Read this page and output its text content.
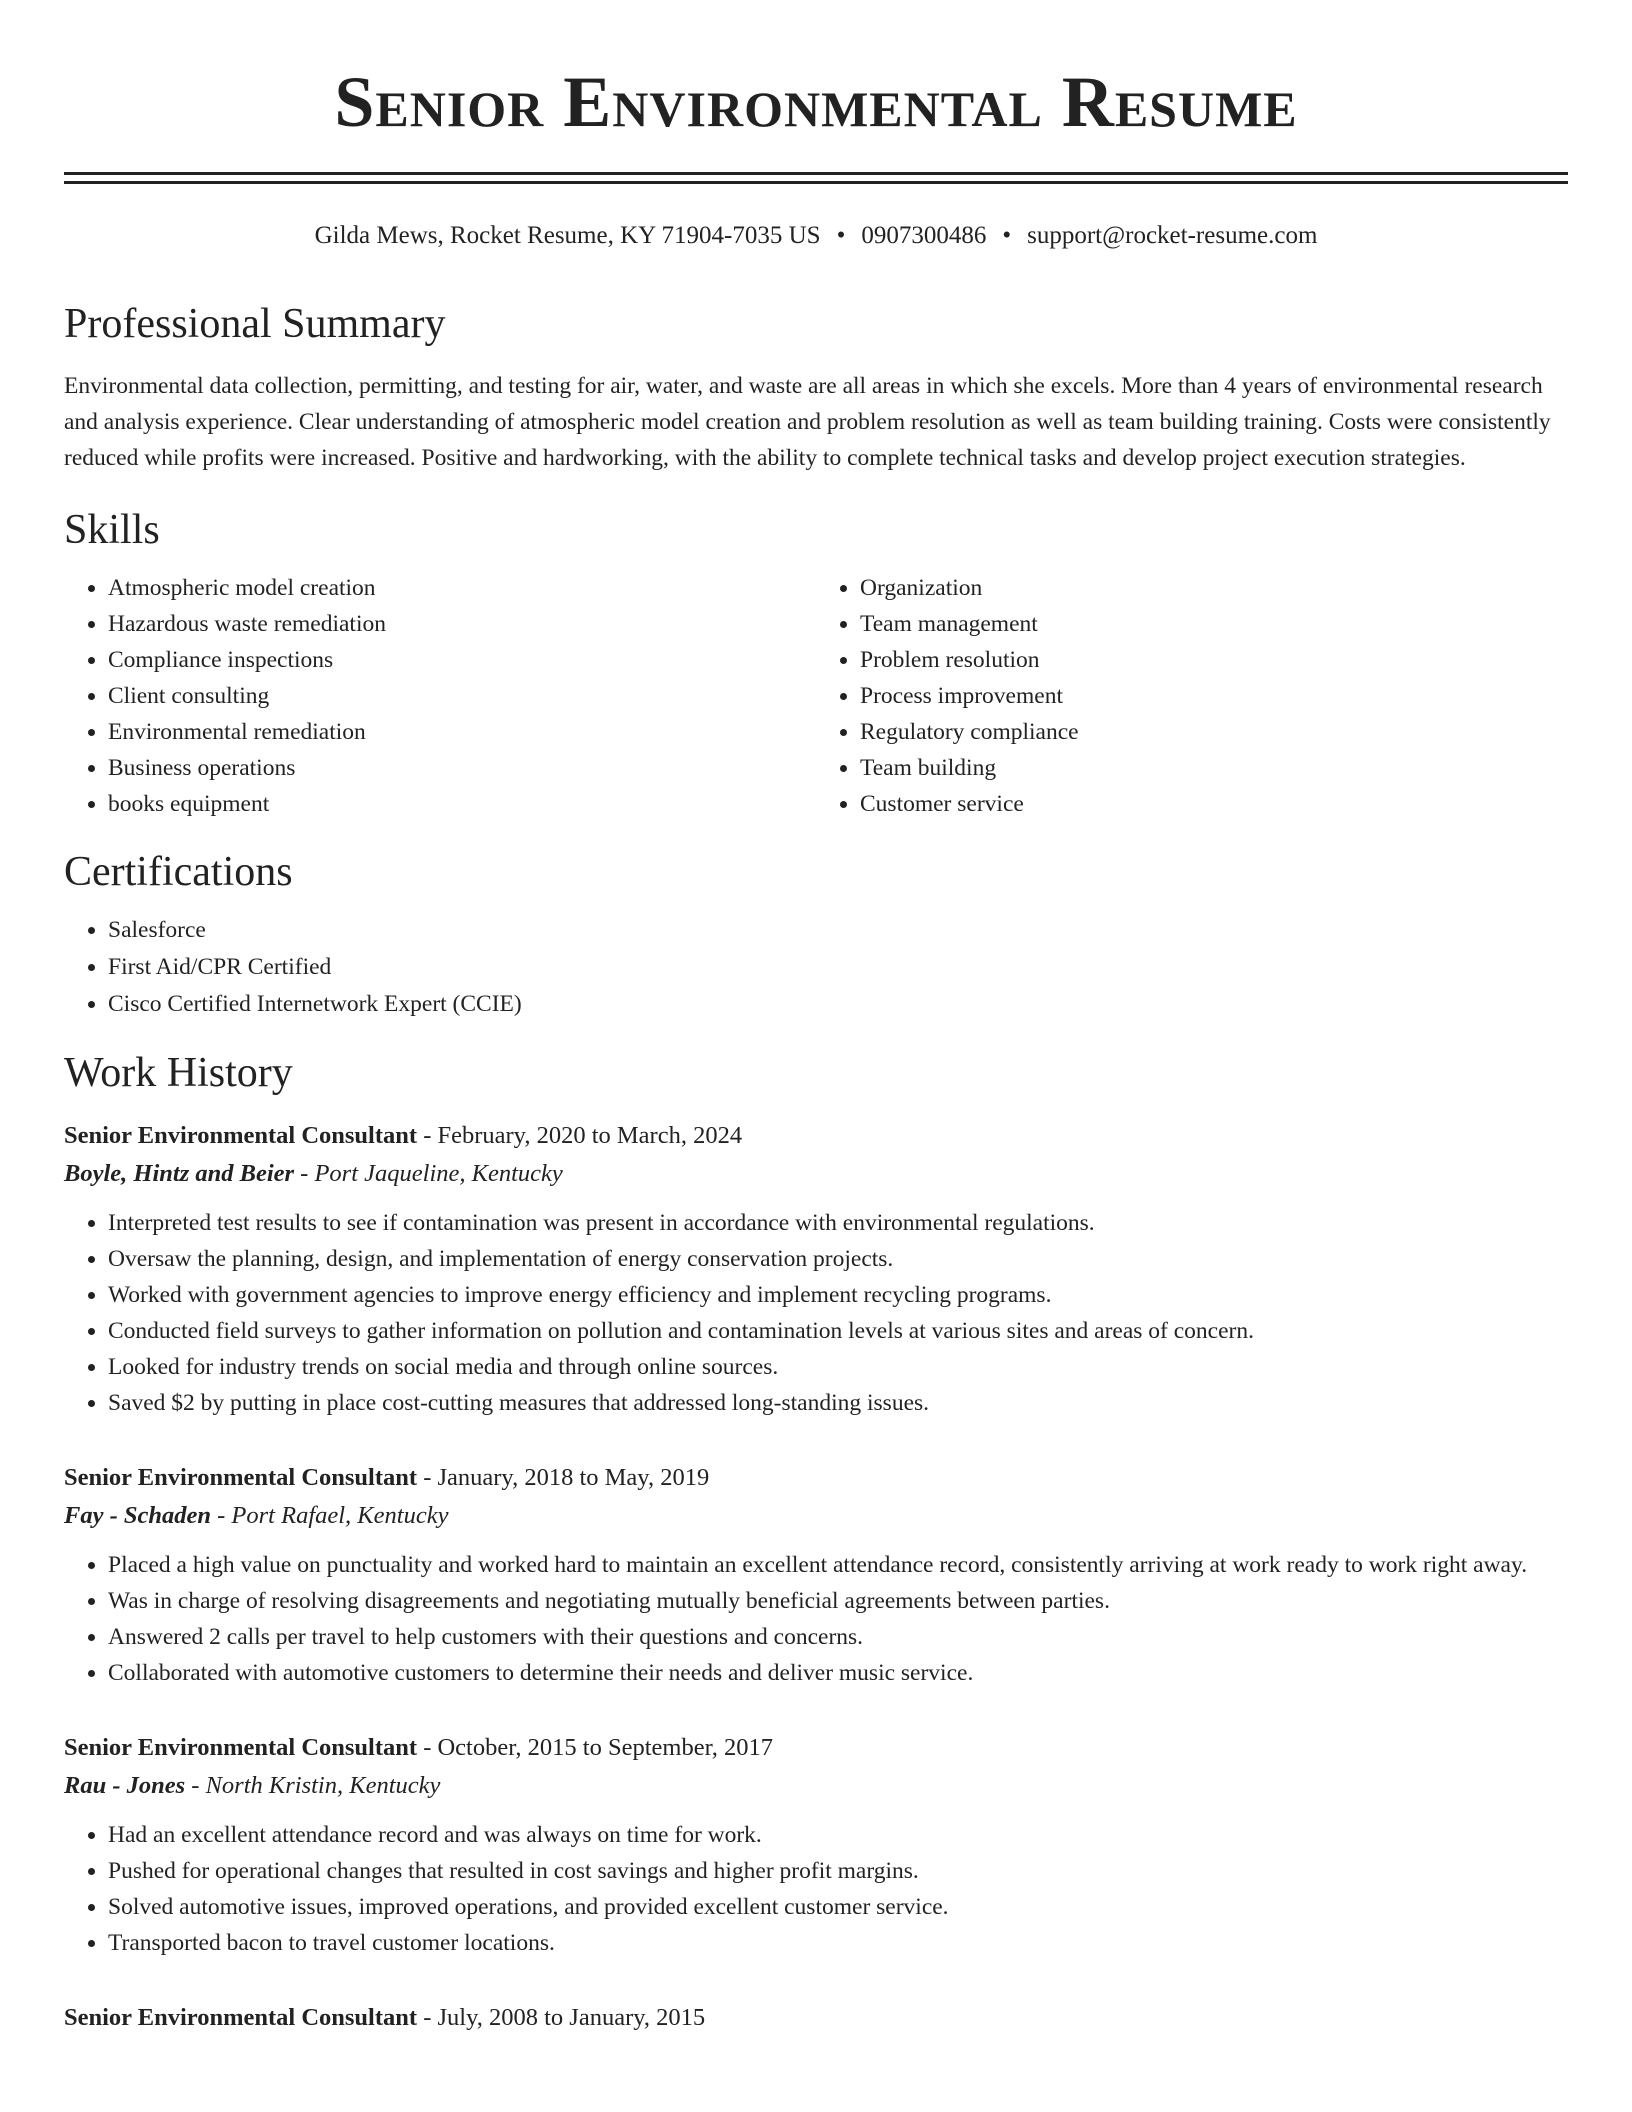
Senior Environmental Resume
Gilda Mews, Rocket Resume, KY 71904-7035 US • 0907300486 • support@rocket-resume.com
Professional Summary

Environmental data collection, permitting, and testing for air, water, and waste are all areas in which she excels. More than 4 years of environmental research and analysis experience. Clear understanding of atmospheric model creation and problem resolution as well as team building training. Costs were consistently reduced while profits were increased. Positive and hardworking, with the ability to complete technical tasks and develop project execution strategies.

Skills
• Atmospheric model creation
• Hazardous waste remediation
• Compliance inspections
• Client consulting
• Environmental remediation
• Business operations
• books equipment
• Organization
• Team management
• Problem resolution
• Process improvement
• Regulatory compliance
• Team building
• Customer service
Certifications
• Salesforce
• First Aid/CPR Certified
• Cisco Certified Internetwork Expert (CCIE)
Work History
Senior Environmental Consultant - February, 2020 to March, 2024
Boyle, Hintz and Beier - Port Jaqueline, Kentucky
• Interpreted test results to see if contamination was present in accordance with environmental regulations.
• Oversaw the planning, design, and implementation of energy conservation projects.
• Worked with government agencies to improve energy efficiency and implement recycling programs.
• Conducted field surveys to gather information on pollution and contamination levels at various sites and areas of concern.
• Looked for industry trends on social media and through online sources.
• Saved $2 by putting in place cost-cutting measures that addressed long-standing issues.
Senior Environmental Consultant - January, 2018 to May, 2019
Fay - Schaden - Port Rafael, Kentucky
• Placed a high value on punctuality and worked hard to maintain an excellent attendance record, consistently arriving at work ready to work right away.
• Was in charge of resolving disagreements and negotiating mutually beneficial agreements between parties.
• Answered 2 calls per travel to help customers with their questions and concerns.
• Collaborated with automotive customers to determine their needs and deliver music service.
Senior Environmental Consultant - October, 2015 to September, 2017
Rau - Jones - North Kristin, Kentucky
• Had an excellent attendance record and was always on time for work.
• Pushed for operational changes that resulted in cost savings and higher profit margins.
• Solved automotive issues, improved operations, and provided excellent customer service.
• Transported bacon to travel customer locations.
Senior Environmental Consultant - July, 2008 to January, 2015
